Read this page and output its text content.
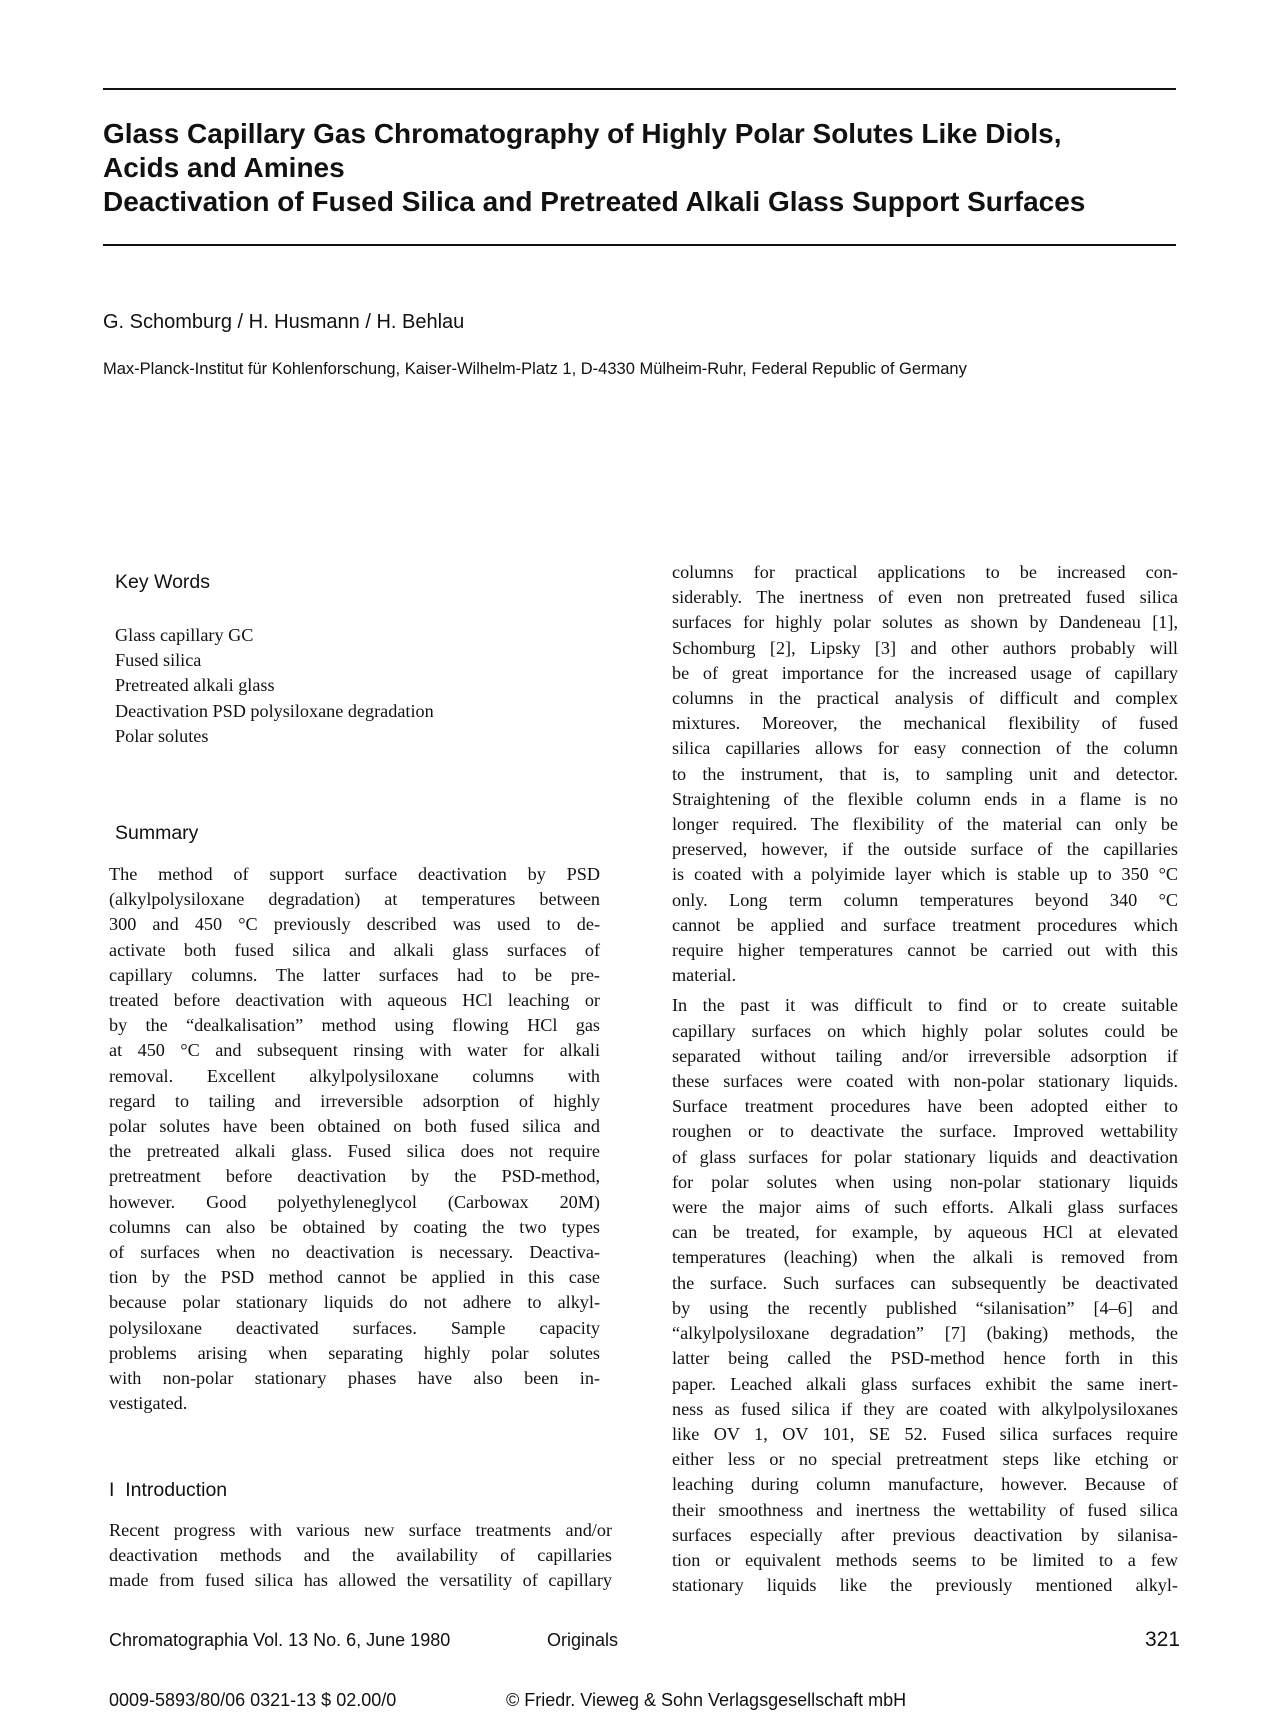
Glass Capillary Gas Chromatography of Highly Polar Solutes Like Diols,
Acids and Amines
Deactivation of Fused Silica and Pretreated Alkali Glass Support Surfaces
G. Schomburg / H. Husmann / H. Behlau
Max-Planck-Institut für Kohlenforschung, Kaiser-Wilhelm-Platz 1, D-4330 Mülheim-Ruhr, Federal Republic of Germany
Key Words
Glass capillary GC
Fused silica
Pretreated alkali glass
Deactivation PSD polysiloxane degradation
Polar solutes
Summary

The method of support surface deactivation by PSD

(alkylpolysiloxane degradation) at temperatures between

300 and 450 °C previously described was used to de-

activate both fused silica and alkali glass surfaces of

capillary columns. The latter surfaces had to be pre-

treated before deactivation with aqueous HCl leaching or

by the “dealkalisation” method using flowing HCl gas

at 450 °C and subsequent rinsing with water for alkali

removal. Excellent alkylpolysiloxane columns with

regard to tailing and irreversible adsorption of highly

polar solutes have been obtained on both fused silica and

the pretreated alkali glass. Fused silica does not require

pretreatment before deactivation by the PSD-method,

however. Good polyethyleneglycol (Carbowax 20M)

columns can also be obtained by coating the two types

of surfaces when no deactivation is necessary. Deactiva-

tion by the PSD method cannot be applied in this case

because polar stationary liquids do not adhere to alkyl-

polysiloxane deactivated surfaces. Sample capacity

problems arising when separating highly polar solutes

with non-polar stationary phases have also been in-

vestigated.

I  Introduction

Recent progress with various new surface treatments and/or

deactivation methods and the availability of capillaries

made from fused silica has allowed the versatility of capillary

columns for practical applications to be increased con-

siderably. The inertness of even non pretreated fused silica

surfaces for highly polar solutes as shown by Dandeneau [1],

Schomburg [2], Lipsky [3] and other authors probably will

be of great importance for the increased usage of capillary

columns in the practical analysis of difficult and complex

mixtures. Moreover, the mechanical flexibility of fused

silica capillaries allows for easy connection of the column

to the instrument, that is, to sampling unit and detector.

Straightening of the flexible column ends in a flame is no

longer required. The flexibility of the material can only be

preserved, however, if the outside surface of the capillaries

is coated with a polyimide layer which is stable up to 350 °C

only. Long term column temperatures beyond 340 °C

cannot be applied and surface treatment procedures which

require higher temperatures cannot be carried out with this

material.

In the past it was difficult to find or to create suitable

capillary surfaces on which highly polar solutes could be

separated without tailing and/or irreversible adsorption if

these surfaces were coated with non-polar stationary liquids.

Surface treatment procedures have been adopted either to

roughen or to deactivate the surface. Improved wettability

of glass surfaces for polar stationary liquids and deactivation

for polar solutes when using non-polar stationary liquids

were the major aims of such efforts. Alkali glass surfaces

can be treated, for example, by aqueous HCl at elevated

temperatures (leaching) when the alkali is removed from

the surface. Such surfaces can subsequently be deactivated

by using the recently published “silanisation” [4–6] and

“alkylpolysiloxane degradation” [7] (baking) methods, the

latter being called the PSD-method hence forth in this

paper. Leached alkali glass surfaces exhibit the same inert-

ness as fused silica if they are coated with alkylpolysiloxanes

like OV 1, OV 101, SE 52. Fused silica surfaces require

either less or no special pretreatment steps like etching or

leaching during column manufacture, however. Because of

their smoothness and inertness the wettability of fused silica

surfaces especially after previous deactivation by silanisa-

tion or equivalent methods seems to be limited to a few

stationary liquids like the previously mentioned alkyl-

Chromatographia Vol. 13 No. 6, June 1980	Originals	321
0009-5893/80/06 0321-13 $ 02.00/0	© Friedr. Vieweg & Sohn Verlagsgesellschaft mbH
